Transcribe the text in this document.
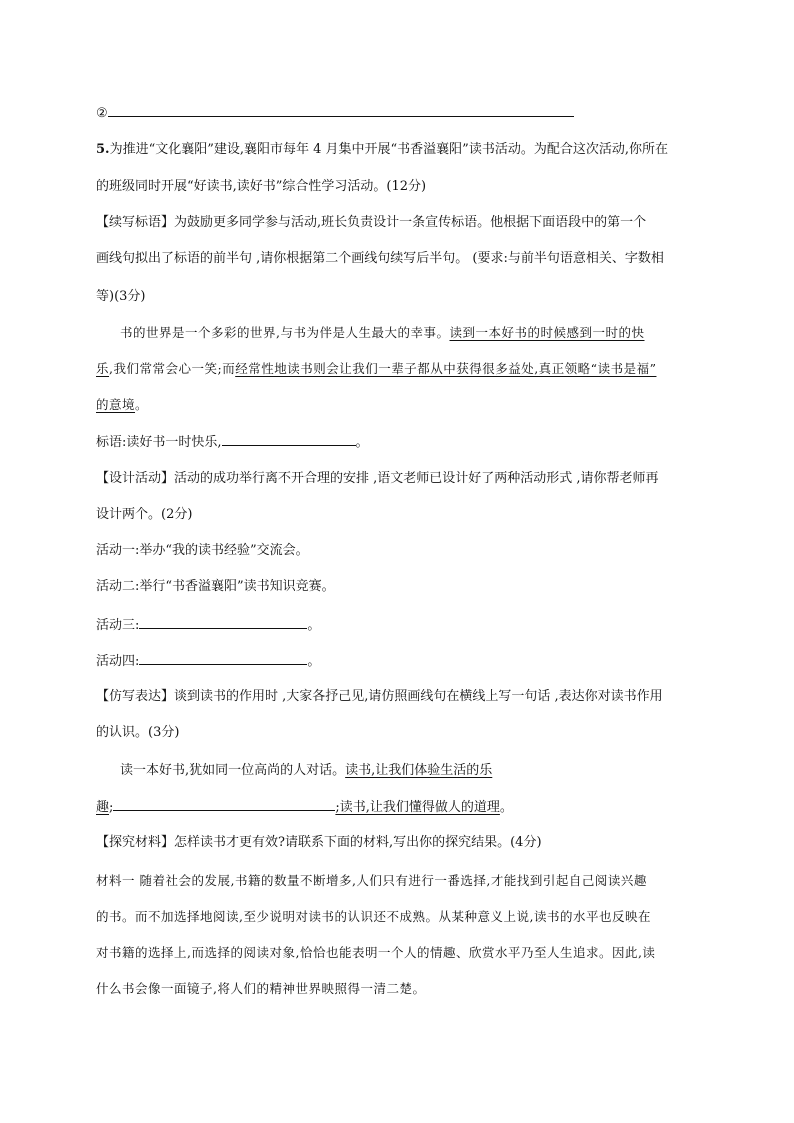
②
5.为推进“文化襄阳”建设,襄阳市每年 4 月集中开展“书香溢襄阳”读书活动。为配合这次活动,你所在
的班级同时开展“好读书,读好书”综合性学习活动。(12分)
【续写标语】为鼓励更多同学参与活动,班长负责设计一条宣传标语。他根据下面语段中的第一个
画线句拟出了标语的前半句 ,请你根据第二个画线句续写后半句。 (要求:与前半句语意相关、字数相
等)(3分)
书的世界是一个多彩的世界,与书为伴是人生最大的幸事。读到一本好书的时候感到一时的快
乐,我们常常会心一笑;而经常性地读书则会让我们一辈子都从中获得很多益处,真正领略“读书是福”
的意境。
标语:读好书一时快乐,	。
【设计活动】活动的成功举行离不开合理的安排 ,语文老师已设计好了两种活动形式 ,请你帮老师再
设计两个。(2分)
活动一:举办“我的读书经验”交流会。
活动二:举行“书香溢襄阳”读书知识竞赛。
活动三:	。
活动四:	。
【仿写表达】谈到读书的作用时 ,大家各抒己见,请仿照画线句在横线上写一句话 ,表达你对读书作用
的认识。(3分)
读一本好书,犹如同一位高尚的人对话。读书,让我们体验生活的乐
趣;	;读书,让我们懂得做人的道理。
【探究材料】怎样读书才更有效?请联系下面的材料,写出你的探究结果。(4分)
材料一 随着社会的发展,书籍的数量不断增多,人们只有进行一番选择,才能找到引起自己阅读兴趣
的书。而不加选择地阅读,至少说明对读书的认识还不成熟。从某种意义上说,读书的水平也反映在
对书籍的选择上,而选择的阅读对象,恰恰也能表明一个人的情趣、欣赏水平乃至人生追求。因此,读
什么书会像一面镜子,将人们的精神世界映照得一清二楚。
